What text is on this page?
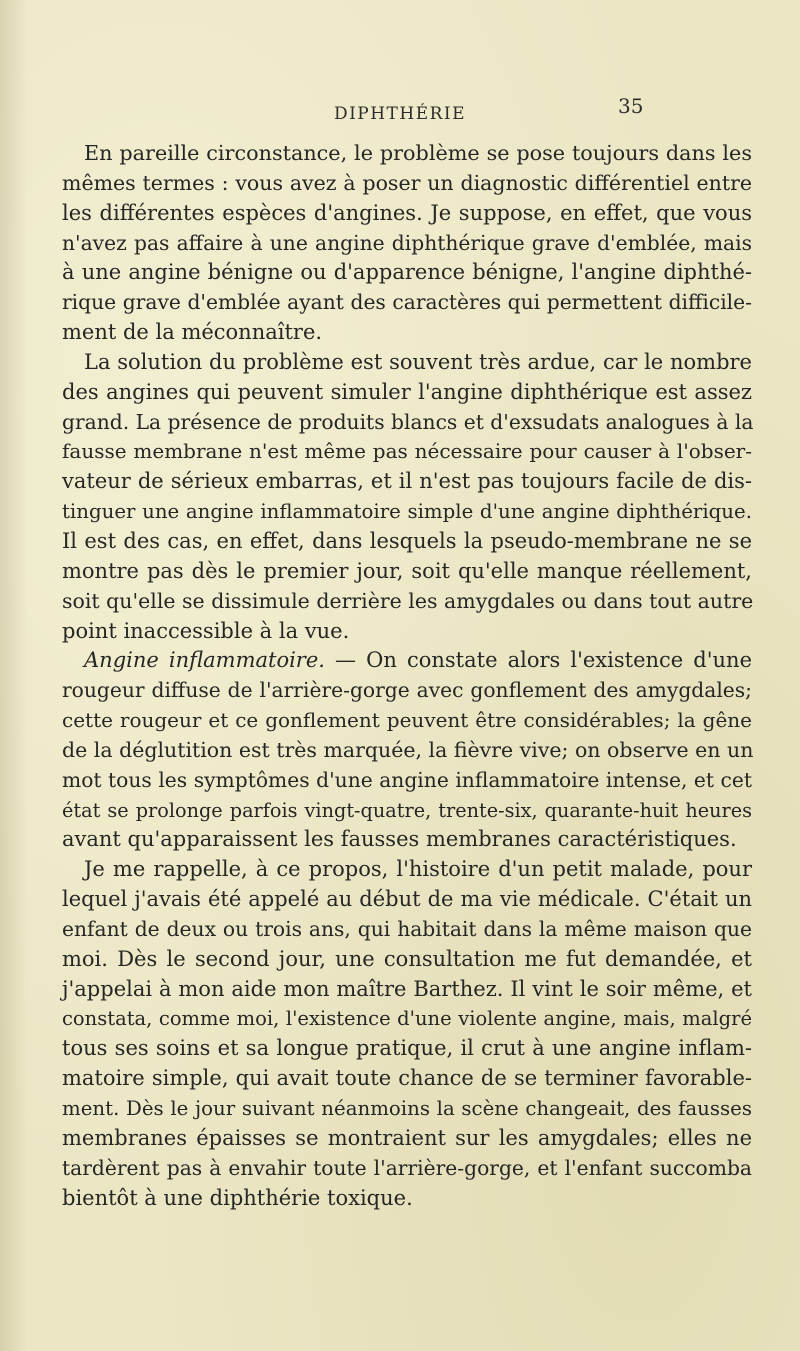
DIPHTHÉRIE	35
En pareille circonstance, le problème se pose toujours dans les
mêmes termes : vous avez à poser un diagnostic différentiel entre
les différentes espèces d'angines. Je suppose, en effet, que vous
n'avez pas affaire à une angine diphthérique grave d'emblée, mais
à une angine bénigne ou d'apparence bénigne, l'angine diphthé-
rique grave d'emblée ayant des caractères qui permettent difficile-
ment de la méconnaître.
La solution du problème est souvent très ardue, car le nombre
des angines qui peuvent simuler l'angine diphthérique est assez
grand. La présence de produits blancs et d'exsudats analogues à la
fausse membrane n'est même pas nécessaire pour causer à l'obser-
vateur de sérieux embarras, et il n'est pas toujours facile de dis-
tinguer une angine inflammatoire simple d'une angine diphthérique.
Il est des cas, en effet, dans lesquels la pseudo-membrane ne se
montre pas dès le premier jour, soit qu'elle manque réellement,
soit qu'elle se dissimule derrière les amygdales ou dans tout autre
point inaccessible à la vue.
Angine inflammatoire. — On constate alors l'existence d'une
rougeur diffuse de l'arrière-gorge avec gonflement des amygdales;
cette rougeur et ce gonflement peuvent être considérables; la gêne
de la déglutition est très marquée, la fièvre vive; on observe en un
mot tous les symptômes d'une angine inflammatoire intense, et cet
état se prolonge parfois vingt-quatre, trente-six, quarante-huit heures
avant qu'apparaissent les fausses membranes caractéristiques.
Je me rappelle, à ce propos, l'histoire d'un petit malade, pour
lequel j'avais été appelé au début de ma vie médicale. C'était un
enfant de deux ou trois ans, qui habitait dans la même maison que
moi. Dès le second jour, une consultation me fut demandée, et
j'appelai à mon aide mon maître Barthez. Il vint le soir même, et
constata, comme moi, l'existence d'une violente angine, mais, malgré
tous ses soins et sa longue pratique, il crut à une angine inflam-
matoire simple, qui avait toute chance de se terminer favorable-
ment. Dès le jour suivant néanmoins la scène changeait, des fausses
membranes épaisses se montraient sur les amygdales; elles ne
tardèrent pas à envahir toute l'arrière-gorge, et l'enfant succomba
bientôt à une diphthérie toxique.
